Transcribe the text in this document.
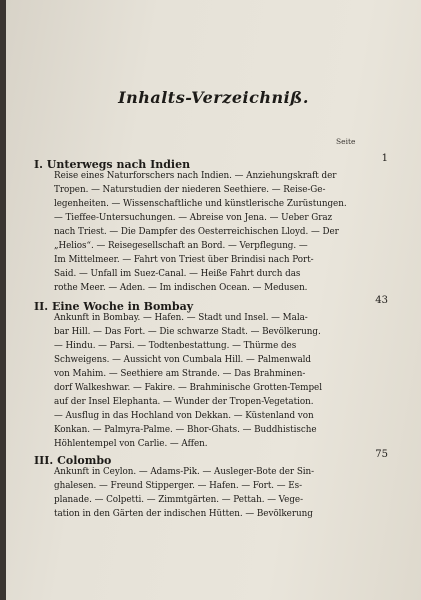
Inhalts-Verzeichniß.
Seite
I. Unterwegs nach Indien	1

Reise eines Naturforschers nach Indien. — Anziehungskraft der
Tropen. — Naturstudien der niederen Seethiere. — Reise-Ge-
legenheiten. — Wissenschaftliche und künstlerische Zurüstungen.
— Tieffee-Untersuchungen. — Abreise von Jena. — Ueber Graz
nach Triest. — Die Dampfer des Oesterreichischen Lloyd. — Der
„Helios“. — Reisegesellschaft an Bord. — Verpflegung. —
Im Mittelmeer. — Fahrt von Triest über Brindisi nach Port-
Said. — Unfall im Suez-Canal. — Heiße Fahrt durch das
rothe Meer. — Aden. — Im indischen Ocean. — Medusen.

II. Eine Woche in Bombay	43

Ankunft in Bombay. — Hafen. — Stadt und Insel. — Mala-
bar Hill. — Das Fort. — Die schwarze Stadt. — Bevölkerung.
— Hindu. — Parsi. — Todtenbestattung. — Thürme des
Schweigens. — Aussicht von Cumbala Hill. — Palmenwald
von Mahim. — Seethiere am Strande. — Das Brahminen-
dorf Walkeshwar. — Fakire. — Brahminische Grotten-Tempel
auf der Insel Elephanta. — Wunder der Tropen-Vegetation.
— Ausflug in das Hochland von Dekkan. — Küstenland von
Konkan. — Palmyra-Palme. — Bhor-Ghats. — Buddhistische
Höhlentempel von Carlie. — Affen.

III. Colombo	75

Ankunft in Ceylon. — Adams-Pik. — Ausleger-Bote der Sin-
ghalesen. — Freund Stipperger. — Hafen. — Fort. — Es-
planade. — Colpetti. — Zimmtgärten. — Pettah. — Vege-
tation in den Gärten der indischen Hütten. — Bevölkerung
